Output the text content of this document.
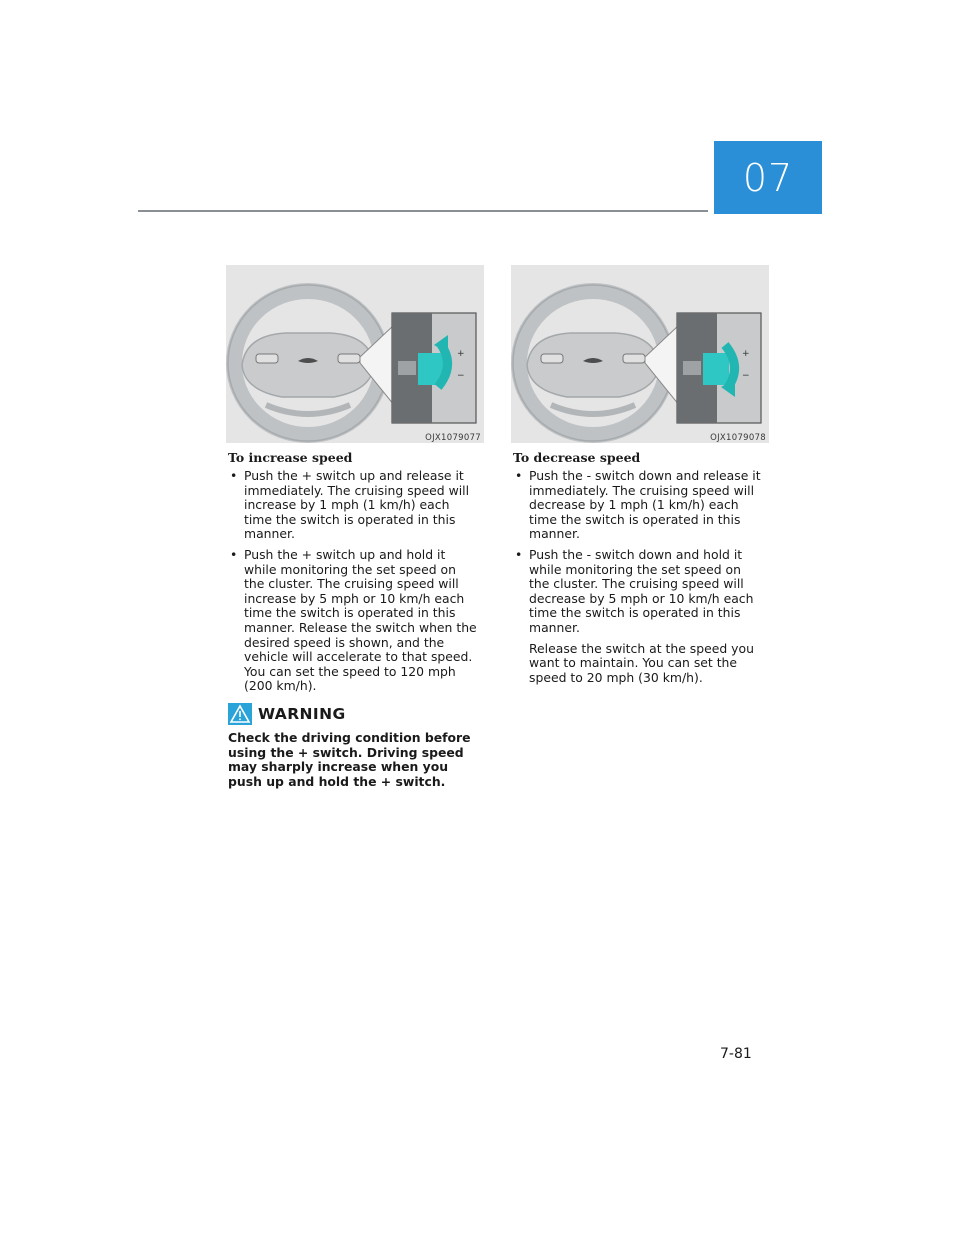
07
+
−
OJX1079077
+
−
OJX1079078
To increase speed
• Push the + switch up and release it immediately. The cruising speed will increase by 1 mph (1 km/h) each time the switch is operated in this manner.
• Push the + switch up and hold it while monitoring the set speed on the cluster. The cruising speed will increase by 5 mph or 10 km/h each time the switch is operated in this manner. Release the switch when the desired speed is shown, and the vehicle will accelerate to that speed. You can set the speed to 120 mph (200 km/h).
To decrease speed
• Push the - switch down and release it immediately. The cruising speed will decrease by 1 mph (1 km/h) each time the switch is operated in this manner.
• Push the - switch down and hold it while monitoring the set speed on the cluster. The cruising speed will decrease by 5 mph or 10 km/h each time the switch is operated in this manner.

Release the switch at the speed you want to maintain. You can set the speed to 20 mph (30 km/h).

WARNING

Check the driving condition before using the + switch. Driving speed may sharply increase when you push up and hold the + switch.

7-81
